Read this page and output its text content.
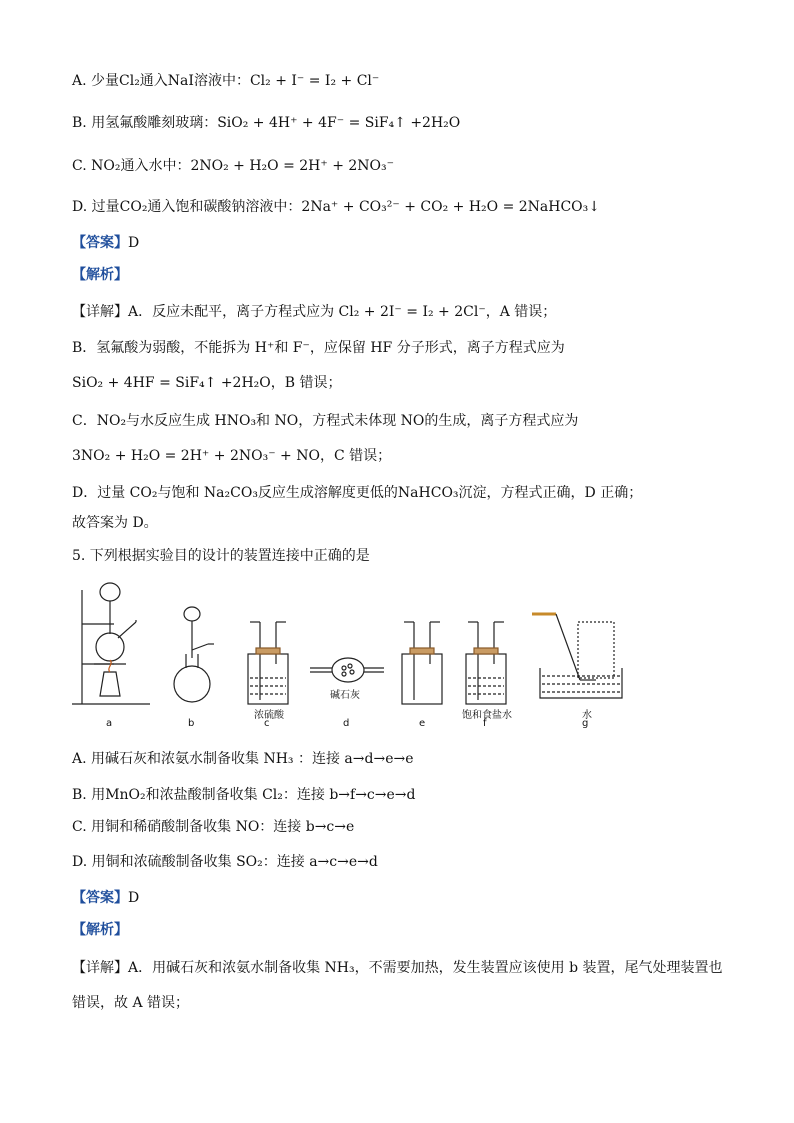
A. 少量Cl₂通入NaI溶液中：Cl₂ + I⁻ = I₂ + Cl⁻
B. 用氢氟酸雕刻玻璃：SiO₂ + 4H⁺ + 4F⁻ = SiF₄↑ +2H₂O
C. NO₂通入水中：2NO₂ + H₂O = 2H⁺ + 2NO₃⁻
D. 过量CO₂通入饱和碳酸钠溶液中：2Na⁺ + CO₃²⁻ + CO₂ + H₂O = 2NaHCO₃↓
【答案】D
【解析】
【详解】A．反应未配平，离子方程式应为 Cl₂ + 2I⁻ = I₂ + 2Cl⁻，A 错误；
B．氢氟酸为弱酸，不能拆为 H⁺和 F⁻，应保留 HF 分子形式，离子方程式应为
SiO₂ + 4HF = SiF₄↑ +2H₂O，B 错误；
C．NO₂与水反应生成 HNO₃和 NO，方程式未体现 NO的生成，离子方程式应为
3NO₂ + H₂O = 2H⁺ + 2NO₃⁻ + NO，C 错误；
D．过量 CO₂与饱和 Na₂CO₃反应生成溶解度更低的NaHCO₃沉淀，方程式正确，D 正确；
故答案为 D。
5. 下列根据实验目的设计的装置连接中正确的是
a	b	c	d	e	f	g
浓硫酸
碱石灰
饱和食盐水	水
A. 用碱石灰和浓氨水制备收集 NH₃ ：连接 a→d→e→e
B. 用MnO₂和浓盐酸制备收集 Cl₂：连接 b→f→c→e→d
C. 用铜和稀硝酸制备收集 NO：连接 b→c→e
D. 用铜和浓硫酸制备收集 SO₂：连接 a→c→e→d
【答案】D
【解析】
【详解】A．用碱石灰和浓氨水制备收集 NH₃，不需要加热，发生装置应该使用 b 装置，尾气处理装置也
错误，故 A 错误；
